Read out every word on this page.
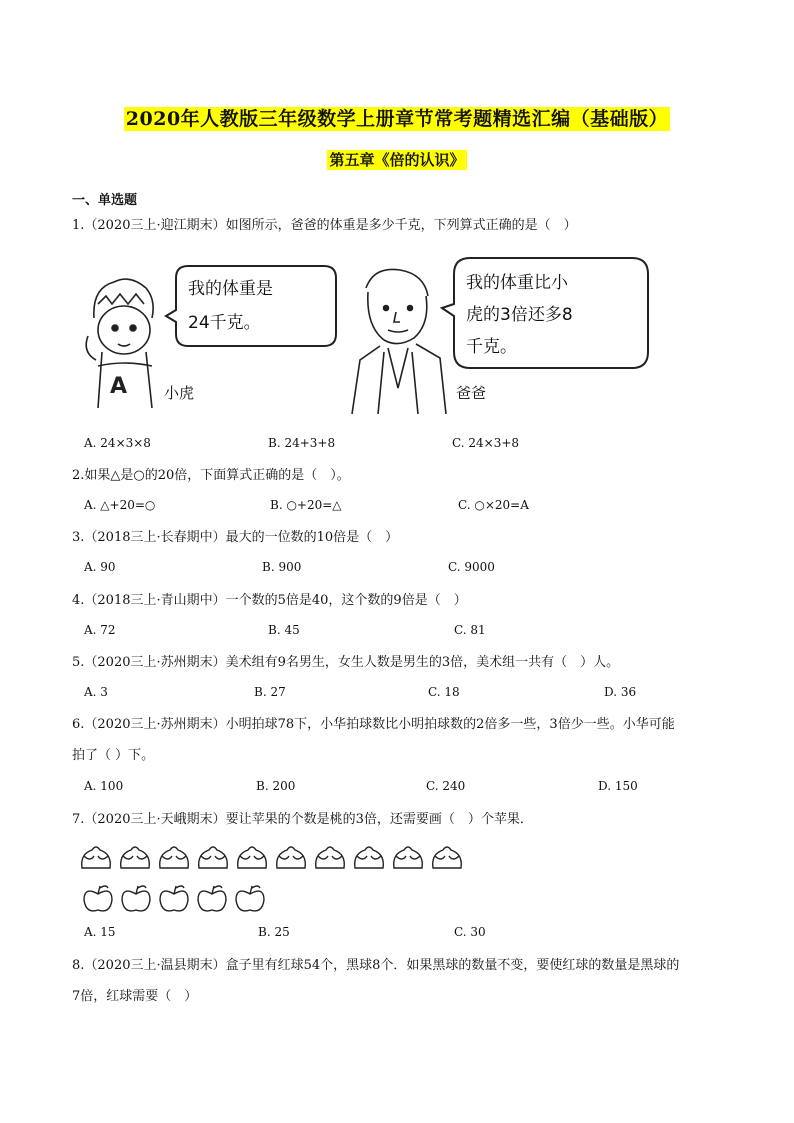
2020年人教版三年级数学上册章节常考题精选汇编（基础版）
第五章《倍的认识》
一、单选题
1.（2020三上·迎江期末）如图所示，爸爸的体重是多少千克，下列算式正确的是（　）
A
我的体重是
24千克。
小虎
我的体重比小
虎的3倍还多8
千克。
爸爸
A. 24×3×8	B. 24+3+8	C. 24×3+8
2.如果△是○的20倍，下面算式正确的是（　）。
A. △+20=○	B. ○+20=△	C. ○×20=A
3.（2018三上·长春期中）最大的一位数的10倍是（　）
A. 90	B. 900	C. 9000
4.（2018三上·青山期中）一个数的5倍是40，这个数的9倍是（　）
A. 72	B. 45	C. 81
5.（2020三上·苏州期末）美术组有9名男生，女生人数是男生的3倍，美术组一共有（　）人。
A. 3	B. 27	C. 18	D. 36
6.（2020三上·苏州期末）小明拍球78下，小华拍球数比小明拍球数的2倍多一些，3倍少一些。小华可能
拍了（ ）下。
A. 100	B. 200	C. 240	D. 150
7.（2020三上·天峨期末）要让苹果的个数是桃的3倍，还需要画（　）个苹果．
A. 15	B. 25	C. 30
8.（2020三上·温县期末）盒子里有红球54个，黑球8个．如果黑球的数量不变，要使红球的数量是黑球的
7倍，红球需要（　）
